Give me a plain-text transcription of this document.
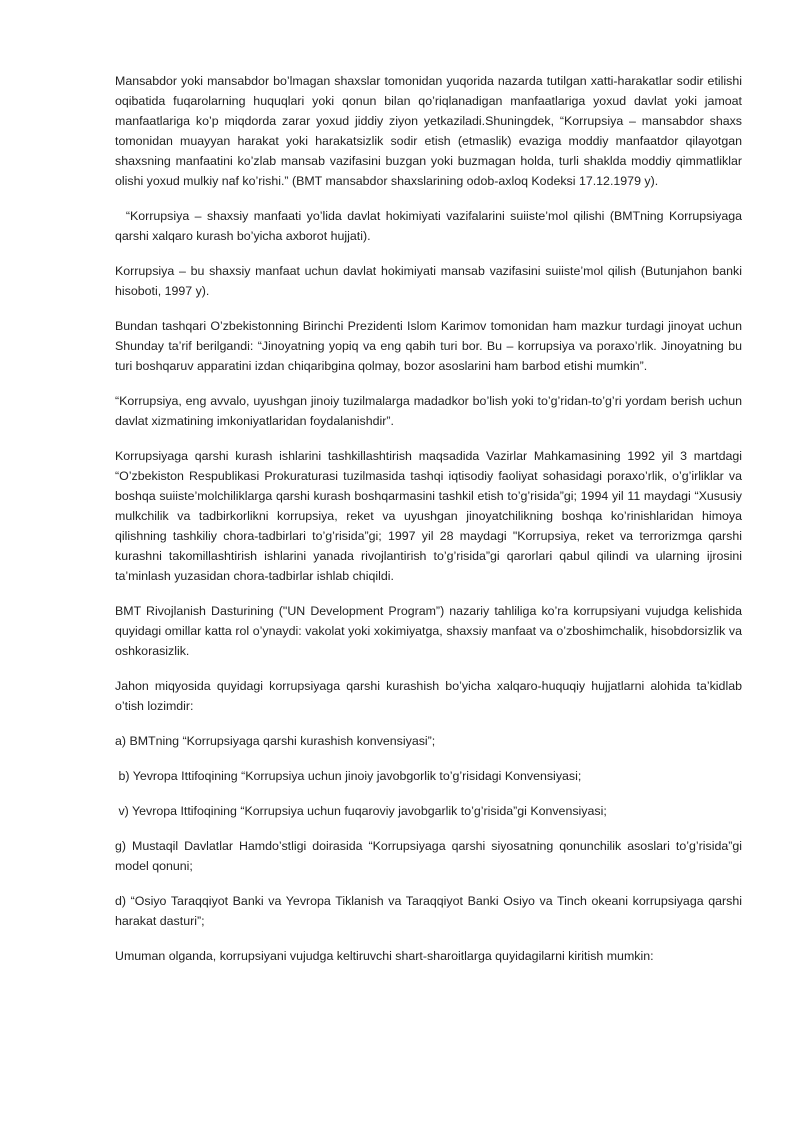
Mansabdor yoki mansabdor bo’lmagan shaxslar tomonidan yuqorida nazarda tutilgan xatti-harakatlar sodir etilishi oqibatida fuqarolarning huquqlari yoki qonun bilan qo’riqlanadigan manfaatlariga yoxud davlat yoki jamoat manfaatlariga ko’p miqdorda zarar yoxud jiddiy ziyon yetkaziladi.Shuningdek, “Korrupsiya – mansabdor shaxs tomonidan muayyan harakat yoki harakatsizlik sodir etish (etmaslik) evaziga moddiy manfaatdor qilayotgan shaxsning manfaatini ko’zlab mansab vazifasini buzgan yoki buzmagan holda, turli shaklda moddiy qimmatliklar olishi yoxud mulkiy naf ko’rishi.” (BMT mansabdor shaxslarining odob-axloq Kodeksi 17.12.1979 y).

“Korrupsiya – shaxsiy manfaati yo’lida davlat hokimiyati vazifalarini suiiste’mol qilishi (BMTning Korrupsiyaga qarshi xalqaro kurash bo’yicha axborot hujjati).

Korrupsiya – bu shaxsiy manfaat uchun davlat hokimiyati mansab vazifasini suiiste’mol qilish (Butunjahon banki hisoboti, 1997 y).

Bundan tashqari O’zbekistonning Birinchi Prezidenti Islom Karimov tomonidan ham mazkur turdagi jinoyat uchun Shunday ta’rif berilgandi: “Jinoyatning yopiq va eng qabih turi bor. Bu – korrupsiya va poraxo’rlik. Jinoyatning bu turi boshqaruv apparatini izdan chiqaribgina qolmay, bozor asoslarini ham barbod etishi mumkin”.

“Korrupsiya, eng avvalo, uyushgan jinoiy tuzilmalarga madadkor bo’lish yoki to’g’ridan-to’g’ri yordam berish uchun davlat xizmatining imkoniyatlaridan foydalanishdir”.

Korrupsiyaga qarshi kurash ishlarini tashkillashtirish maqsadida Vazirlar Mahkamasining 1992 yil 3 martdagi “O’zbekiston Respublikasi Prokuraturasi tuzilmasida tashqi iqtisodiy faoliyat sohasidagi poraxo’rlik, o’g’irliklar va boshqa suiiste’molchiliklarga qarshi kurash boshqarmasini tashkil etish to’g’risida”gi; 1994 yil 11 maydagi “Xususiy mulkchilik va tadbirkorlikni korrupsiya, reket va uyushgan jinoyatchilikning boshqa ko’rinishlaridan himoya qilishning tashkiliy chora-tadbirlari to’g’risida”gi; 1997 yil 28 maydagi "Korrupsiya, reket va terrorizmga qarshi kurashni takomillashtirish ishlarini yanada rivojlantirish to’g’risida”gi qarorlari qabul qilindi va ularning ijrosini ta’minlash yuzasidan chora-tadbirlar ishlab chiqildi.

BMT Rivojlanish Dasturining ("UN Development Program”) nazariy tahliliga ko’ra korrupsiyani vujudga kelishida quyidagi omillar katta rol o’ynaydi: vakolat yoki xokimiyatga, shaxsiy manfaat va o’zboshimchalik, hisobdorsizlik va oshkorasizlik.

Jahon miqyosida quyidagi korrupsiyaga qarshi kurashish bo’yicha xalqaro-huquqiy hujjatlarni alohida ta’kidlab o’tish lozimdir:

a) BMTning “Korrupsiyaga qarshi kurashish konvensiyasi”;

b) Yevropa Ittifoqining “Korrupsiya uchun jinoiy javobgorlik to’g’risidagi Konvensiyasi;

v) Yevropa Ittifoqining “Korrupsiya uchun fuqaroviy javobgarlik to’g’risida”gi Konvensiyasi;

g) Mustaqil Davlatlar Hamdo’stligi doirasida “Korrupsiyaga qarshi siyosatning qonunchilik asoslari to’g’risida”gi model qonuni;

d) “Osiyo Taraqqiyot Banki va Yevropa Tiklanish va Taraqqiyot Banki Osiyo va Tinch okeani korrupsiyaga qarshi harakat dasturi”;

Umuman olganda, korrupsiyani vujudga keltiruvchi shart-sharoitlarga quyidagilarni kiritish mumkin:
